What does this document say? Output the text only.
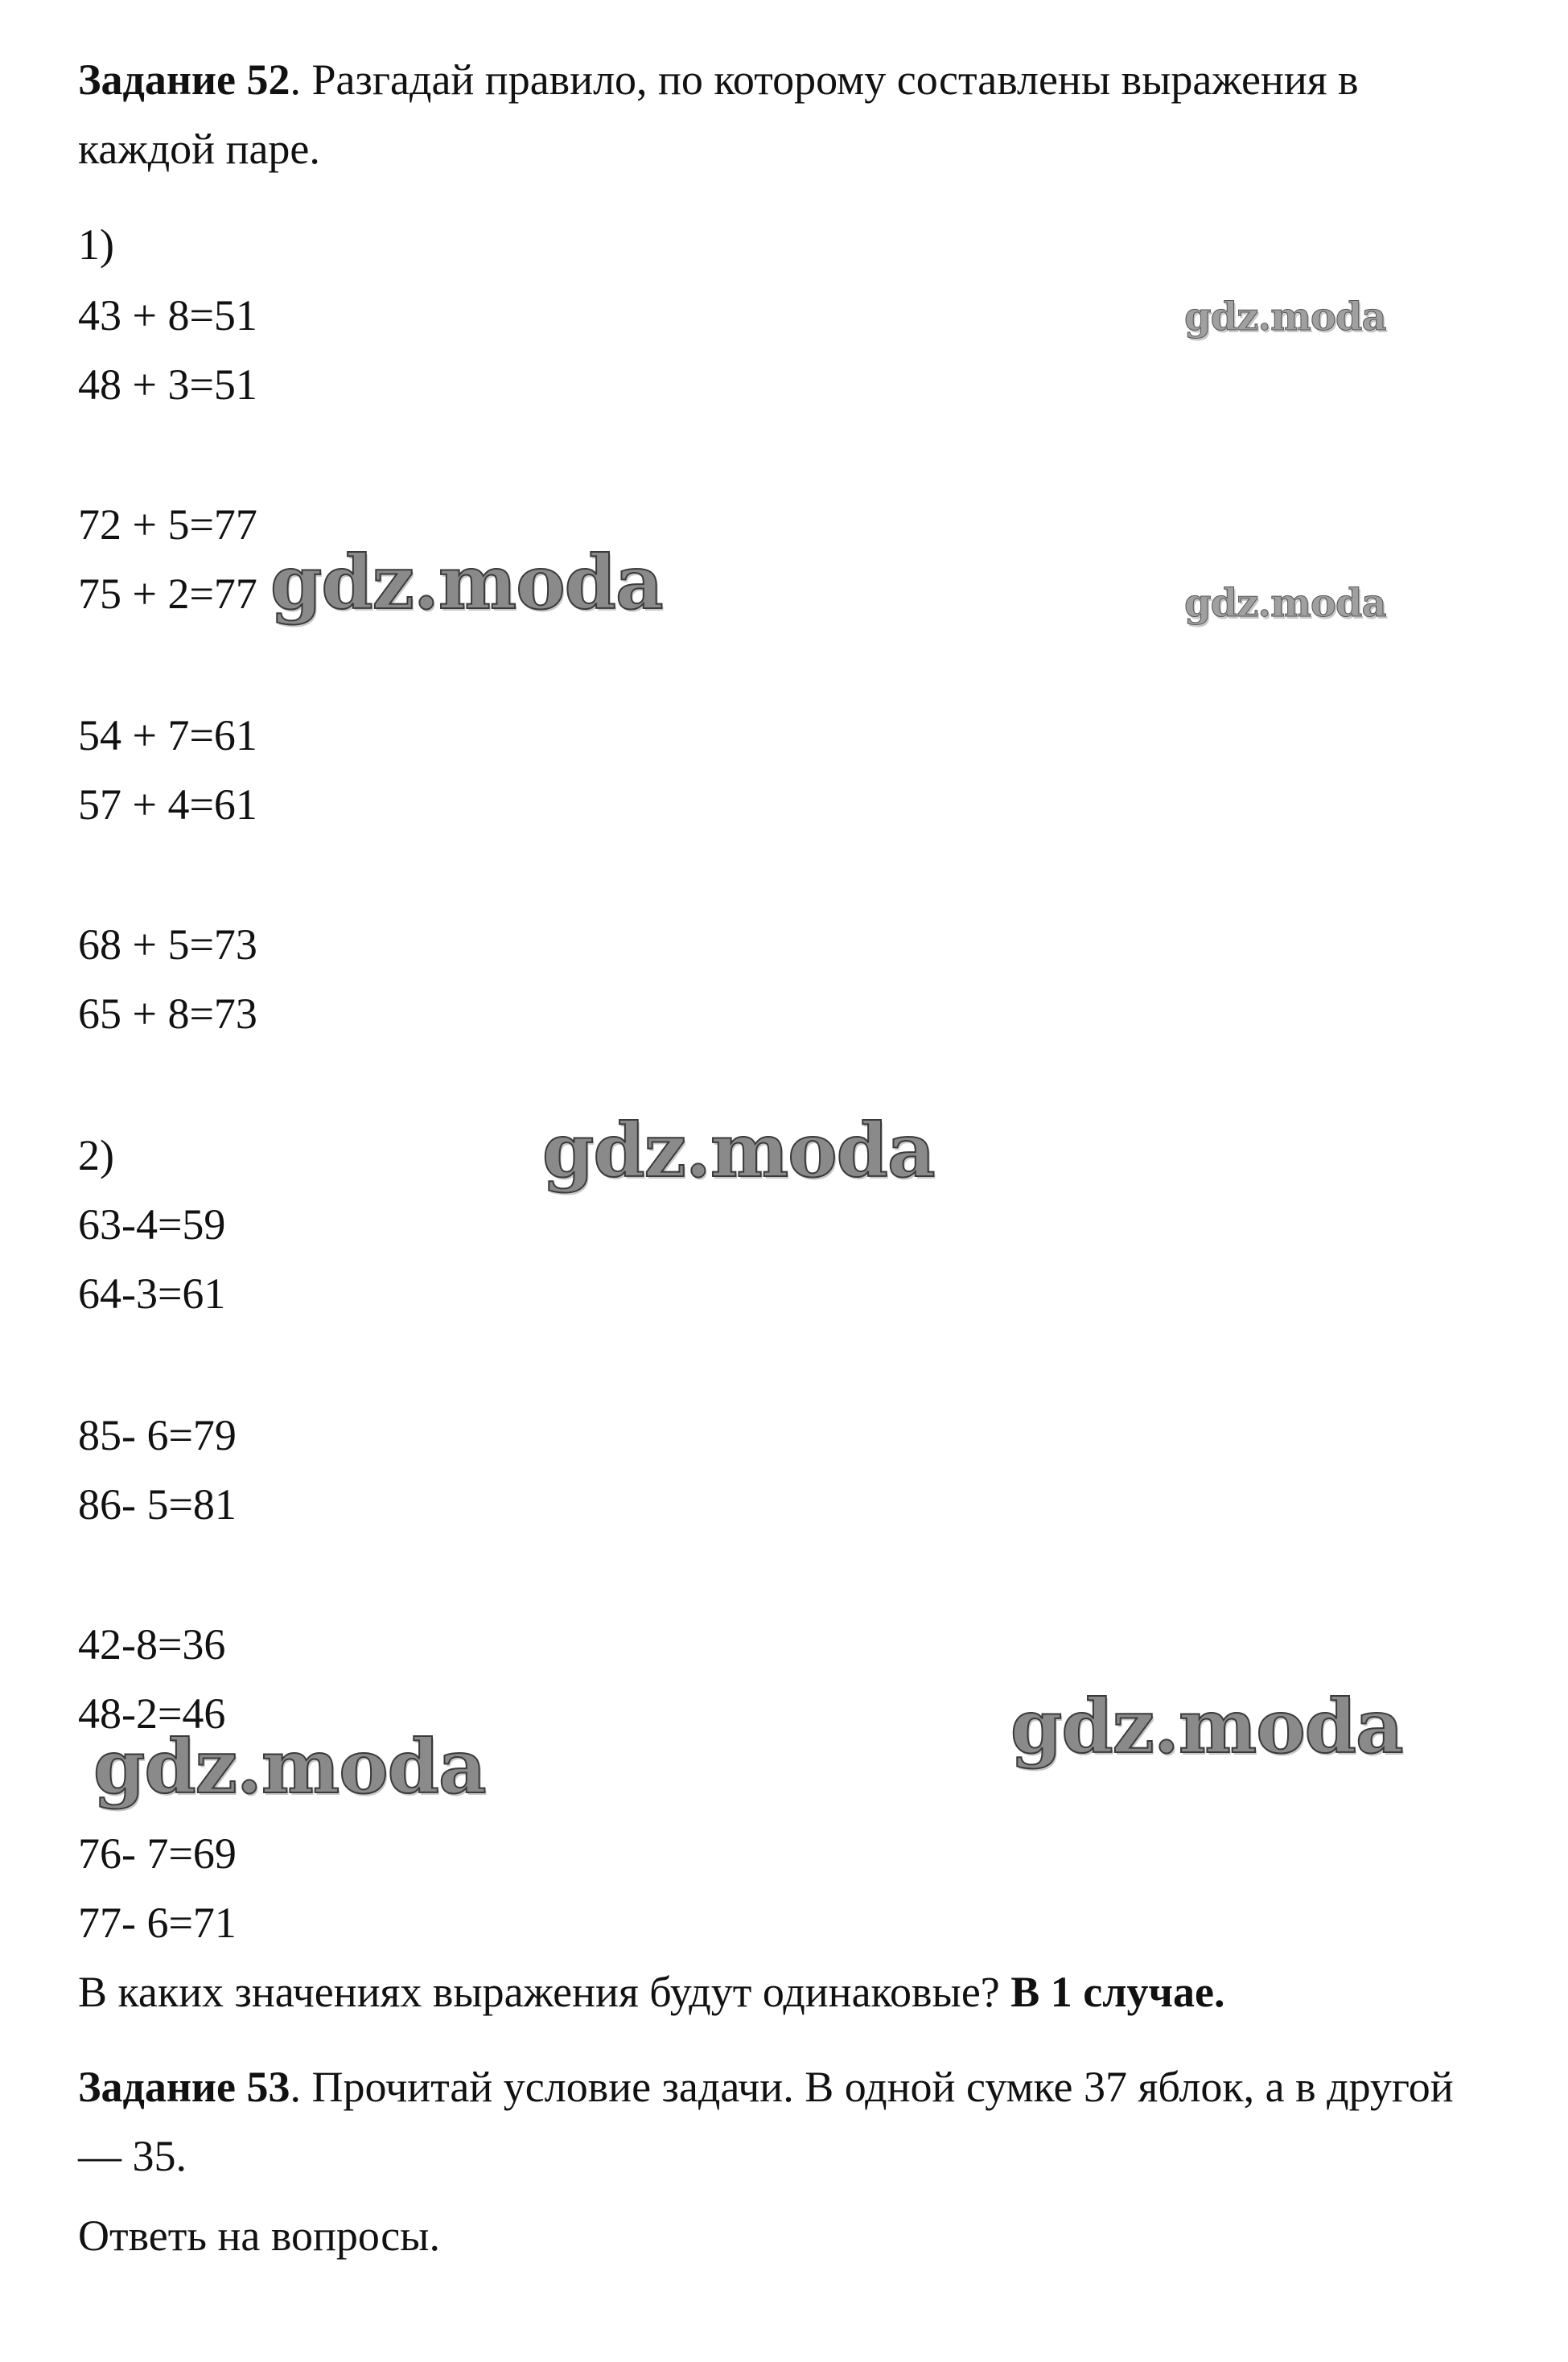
Задание 52. Разгадай правило, по которому составлены выражения в каждой паре.
1)
43 + 8=51
48 + 3=51
72 + 5=77
75 + 2=77
54 + 7=61
57 + 4=61
68 + 5=73
65 + 8=73
2)
63-4=59
64-3=61
85- 6=79
86- 5=81
42-8=36
48-2=46
76- 7=69
77- 6=71
В каких значениях выражения будут одинаковые? В 1 случае.
Задание 53. Прочитай условие задачи. В одной сумке 37 яблок, а в другой — 35.
Ответь на вопросы.
gdz.moda
gdz.moda	gdz.moda
gdz.moda
gdz.moda
gdz.moda
